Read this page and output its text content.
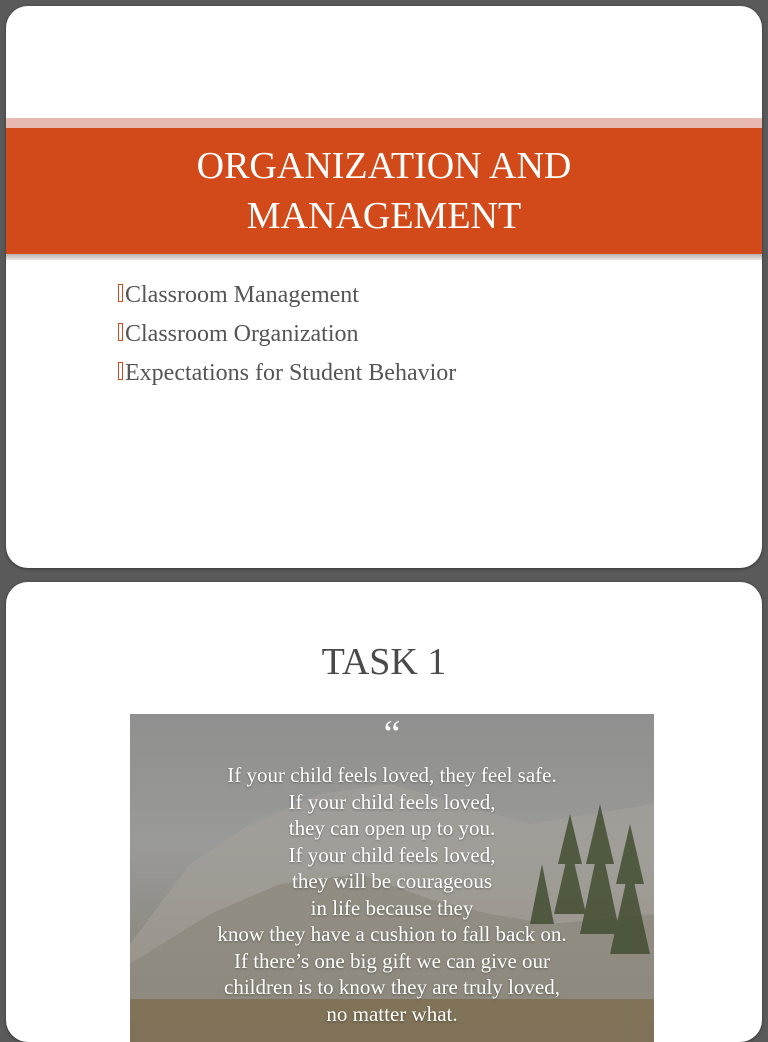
ORGANIZATION AND
MANAGEMENT
Classroom Management
Classroom Organization
Expectations for Student Behavior
TASK 1
“
If your child feels loved, they feel safe.
If your child feels loved,
they can open up to you.
If your child feels loved,
they will be courageous
in life because they
know they have a cushion to fall back on.
If there’s one big gift we can give our
children is to know they are truly loved,
no matter what.
